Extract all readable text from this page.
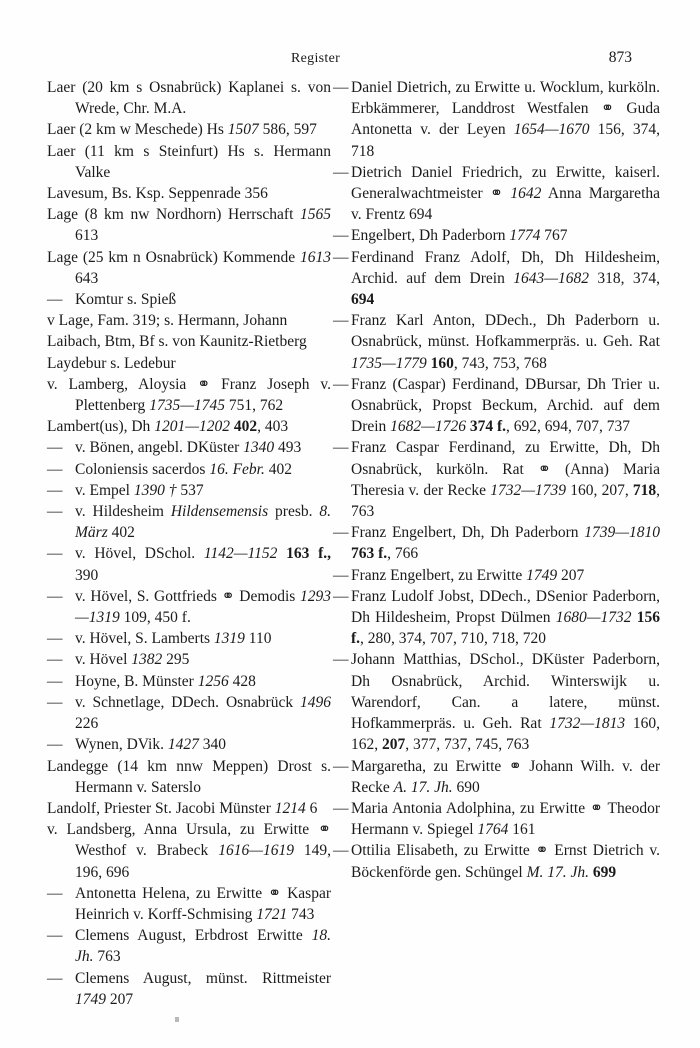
Register	873

Laer (20 km s Osnabrück) Kaplanei s. von Wrede, Chr. M.A.

Laer (2 km w Meschede) Hs 1507 586, 597

Laer (11 km s Steinfurt) Hs s. Hermann Valke

Lavesum, Bs. Ksp. Seppenrade 356

Lage (8 km nw Nordhorn) Herrschaft 1565 613

Lage (25 km n Osnabrück) Kommende 1613 643

— Komtur s. Spieß

v Lage, Fam. 319; s. Hermann, Johann

Laibach, Btm, Bf s. von Kaunitz-Rietberg

Laydebur s. Ledebur

v. Lamberg, Aloysia ⚭ Franz Joseph v. Plettenberg 1735—1745 751, 762

Lambert(us), Dh 1201—1202 402, 403

— v. Bönen, angebl. DKüster 1340 493

— Coloniensis sacerdos 16. Febr. 402

— v. Empel 1390 † 537

— v. Hildesheim Hildensemensis presb. 8. März 402

— v. Hövel, DSchol. 1142—1152 163 f., 390

— v. Hövel, S. Gottfrieds ⚭ Demodis 1293—1319 109, 450 f.

— v. Hövel, S. Lamberts 1319 110

— v. Hövel 1382 295

— Hoyne, B. Münster 1256 428

— v. Schnetlage, DDech. Osnabrück 1496 226

— Wynen, DVik. 1427 340

Landegge (14 km nnw Meppen) Drost s. Hermann v. Saterslo

Landolf, Priester St. Jacobi Münster 1214 6

v. Landsberg, Anna Ursula, zu Erwitte ⚭ Westhof v. Brabeck 1616—1619 149, 196, 696

— Antonetta Helena, zu Erwitte ⚭ Kaspar Heinrich v. Korff-Schmising 1721 743

— Clemens August, Erbdrost Erwitte 18. Jh. 763

— Clemens August, münst. Rittmeister 1749 207

— Daniel Dietrich, zu Erwitte u. Wocklum, kurköln. Erbkämmerer, Landdrost Westfalen ⚭ Guda Antonetta v. der Leyen 1654—1670 156, 374, 718

— Dietrich Daniel Friedrich, zu Erwitte, kaiserl. Generalwachtmeister ⚭ 1642 Anna Margaretha v. Frentz 694

— Engelbert, Dh Paderborn 1774 767

— Ferdinand Franz Adolf, Dh, Dh Hildesheim, Archid. auf dem Drein 1643—1682 318, 374, 694

— Franz Karl Anton, DDech., Dh Paderborn u. Osnabrück, münst. Hofkammerpräs. u. Geh. Rat 1735—1779 160, 743, 753, 768

— Franz (Caspar) Ferdinand, DBursar, Dh Trier u. Osnabrück, Propst Beckum, Archid. auf dem Drein 1682—1726 374 f., 692, 694, 707, 737

— Franz Caspar Ferdinand, zu Erwitte, Dh, Dh Osnabrück, kurköln. Rat ⚭ (Anna) Maria Theresia v. der Recke 1732—1739 160, 207, 718, 763

— Franz Engelbert, Dh, Dh Paderborn 1739—1810 763 f., 766

— Franz Engelbert, zu Erwitte 1749 207

— Franz Ludolf Jobst, DDech., DSenior Paderborn, Dh Hildesheim, Propst Dülmen 1680—1732 156 f., 280, 374, 707, 710, 718, 720

— Johann Matthias, DSchol., DKüster Paderborn, Dh Osnabrück, Archid. Winterswijk u. Warendorf, Can. a latere, münst. Hofkammerpräs. u. Geh. Rat 1732—1813 160, 162, 207, 377, 737, 745, 763

— Margaretha, zu Erwitte ⚭ Johann Wilh. v. der Recke A. 17. Jh. 690

— Maria Antonia Adolphina, zu Erwitte ⚭ Theodor Hermann v. Spiegel 1764 161

— Ottilia Elisabeth, zu Erwitte ⚭ Ernst Dietrich v. Böckenförde gen. Schüngel M. 17. Jh. 699
